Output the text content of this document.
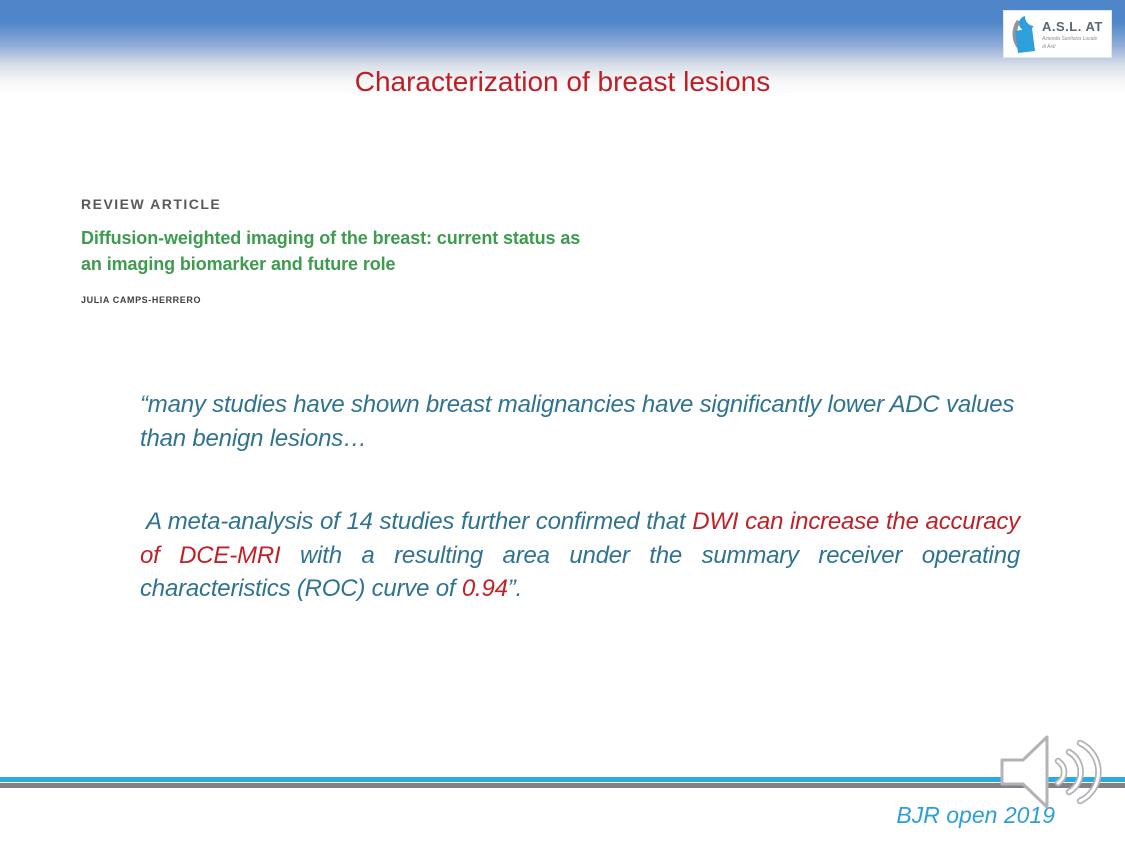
A.S.L. AT
Azienda Sanitaria Locale
di Asti
Characterization of breast lesions
REVIEW ARTICLE
Diffusion-weighted imaging of the breast: current status as an imaging biomarker and future role
JULIA CAMPS-HERRERO

“many studies have shown breast malignancies have significantly lower ADC values than benign lesions…

A meta-analysis of 14 studies further confirmed that DWI can increase the accuracy of DCE-MRI with a resulting area under the summary receiver operating characteristics (ROC) curve of 0.94”.

BJR open 2019
